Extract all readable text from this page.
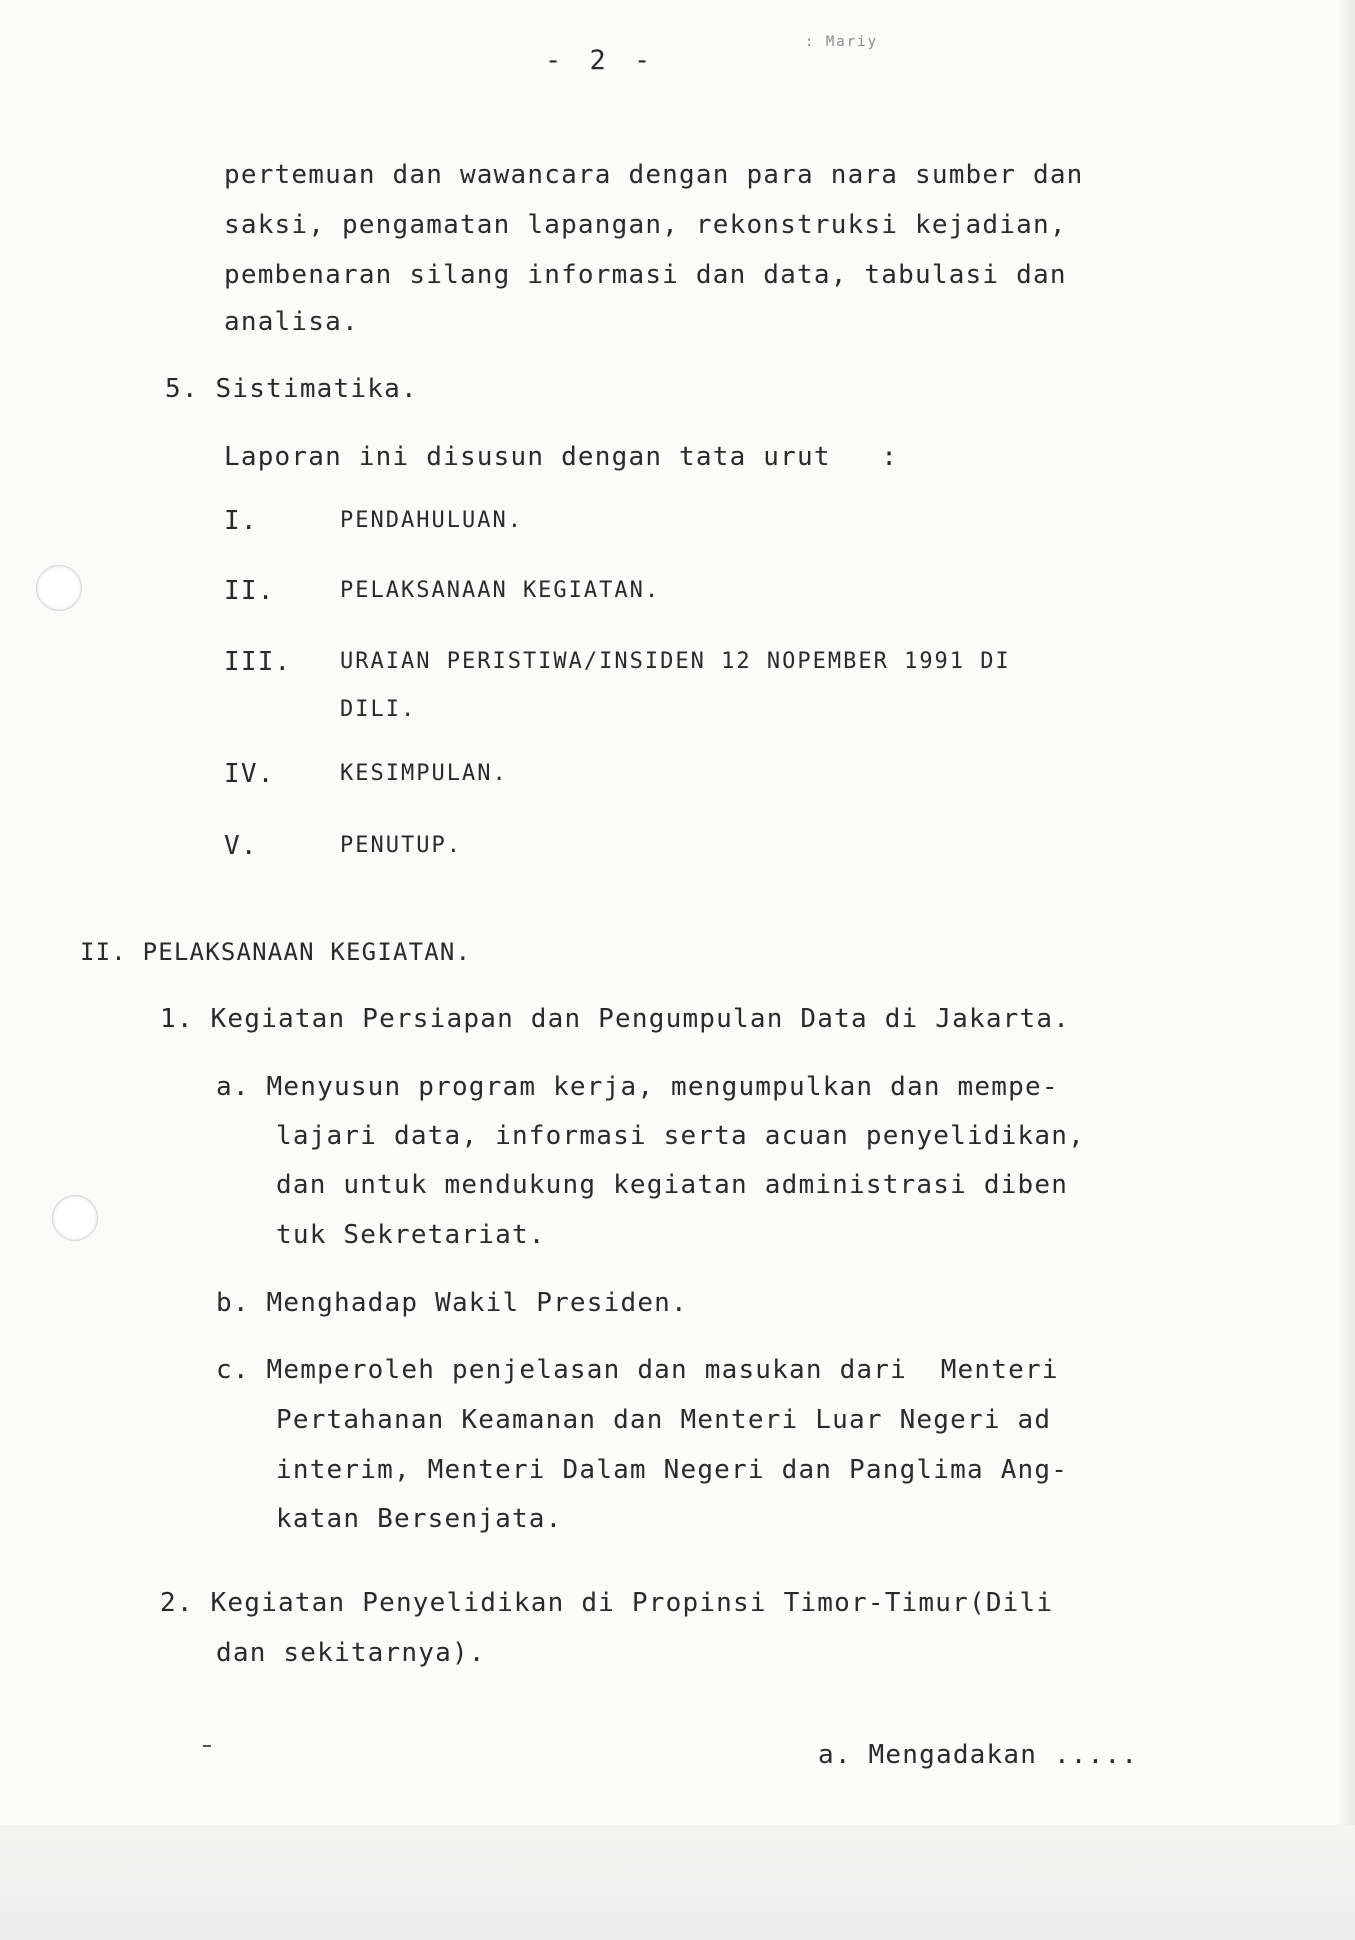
- 2 -
: Mariy
pertemuan dan wawancara dengan para nara sumber dan
saksi, pengamatan lapangan, rekonstruksi kejadian,
pembenaran silang informasi dan data, tabulasi dan
analisa.
5. Sistimatika.
Laporan ini disusun dengan tata urut   :
I.	PENDAHULUAN.
II.	PELAKSANAAN KEGIATAN.
III. URAIAN PERISTIWA/INSIDEN 12 NOPEMBER 1991 DI
DILI.
IV.	KESIMPULAN.
V.	PENUTUP.
II. PELAKSANAAN KEGIATAN.
1. Kegiatan Persiapan dan Pengumpulan Data di Jakarta.
a. Menyusun program kerja, mengumpulkan dan mempe-
lajari data, informasi serta acuan penyelidikan,
dan untuk mendukung kegiatan administrasi diben
tuk Sekretariat.
b. Menghadap Wakil Presiden.
c. Memperoleh penjelasan dan masukan dari  Menteri
Pertahanan Keamanan dan Menteri Luar Negeri ad
interim, Menteri Dalam Negeri dan Panglima Ang-
katan Bersenjata.
2. Kegiatan Penyelidikan di Propinsi Timor-Timur(Dili
dan sekitarnya).
a. Mengadakan .....
